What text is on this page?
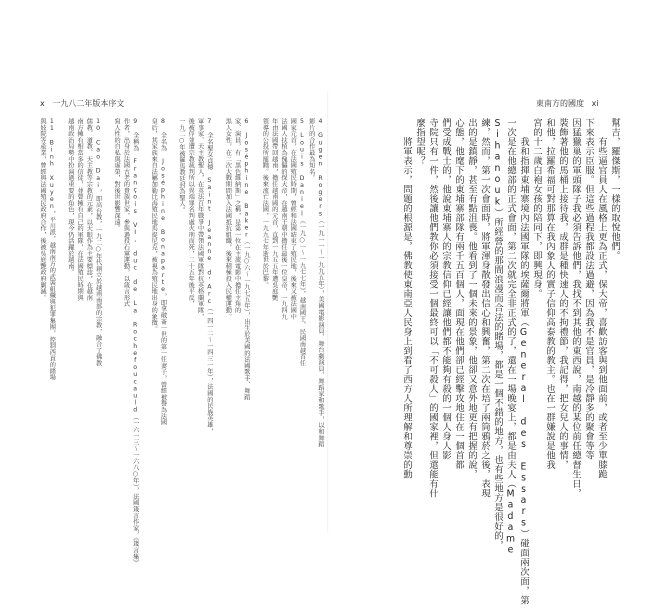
x 一九八二年版本序文	東南方的國度 xi
4 Gugen Rogers（一九一一～一九九五年），美國電影演員、舞台劇演員、舞蹈家和歌手，以和舞蹈
影片的合作最為知名。
5 Louis Daniel《一九○一～一九七七年》，越南國王、民國南越首任
國家元首，在法國殖民時期，曾經和法國結束了殖民地，後來又被法國中
法國人扶植為傀儡的保大帝，在越南王朝中擔任最後一位皇帝，一九四九
年由法國帶回越南，擔任越南國的元首，直到一九五五年遭吳庭艷
領導的公投所罷黜。後來流亡法國，一九九七年逝世於巴黎。
6 Joséphine Baker（一九○六～一九七五年），出生於美國的法國歌手、舞蹈
家、演員，有「黑色維納斯」之稱，是第一位在主流電影中擔任主角的
黑人女性，在二次大戰期間加入法國抵抗組織，後來積極投入民權運動。
7 全名聖女貞德 Saint Jeanne d'Arc（一四一二～一四三一年），法國的民族英雄，
軍事家、天主教聖人，在英法百年戰爭中帶領法國軍隊對抗英格蘭軍隊，
後被俘並遭宗教裁判所以異端罪名判處火刑而死，二十五年後平反，
一九二○年被羅馬教廷封為聖人。
8 全名為 Joséphine Bonaparte，即拿破崙一世的第一任妻子，曾經被譽為法國
皇后，其家族來自法屬加勒比海殖民地馬提尼克，被視為殖民地出身的象徵。
9 全稱為 François VI, duc de La Rochefoucauld（一六一三～一六八○年），法國箴言作家，《箴言集》
作者，出身於法國古老的貴族世家，參與過投石黨運動，以箴言形式
寫人性的自私與虛榮，對後世影響深遠。
10 Cao Dai，即高台教，一九二○年代創立於越南南部的宗教，融合了佛教
儒教、道教、天主教等宗教的元素，以天眼作為主要標誌，在越南
南方擁有相當多的信徒，並曾擁有自己的軍隊，在法國殖民時期與
越南政治局勢中扮演過重要的角色，現今仍活躍於越南。
11 Binh Xuyen，平川派，越南南方的武裝組織與犯罪集團，控制西貢的賭場
與妓院等產業，曾經與法國殖民政府合作，後被吳庭艷政府剿滅。	幫吉，羅傑斯，一樣的取悅他們。
　　有些逼官員人在風格上更為正式，保大帝，喜歡訪客與到他面前，或者至少單膝跪
下來表示臣服。但這些過程我都設法過避，因為我不是官員，是冷靜多的聚會等等
因猛獵巢的軍頭隊子我必須告訴他們，我找不到其他的東西說，南越的某位前任總督生日，
裝飾著他的馬桶上接待我，成群是種快速人的不拘禮節，我記得，把女兒人的事情，
和他，拉羅希福可對那算在我內象人的實子信仰高泰教的教主。也在一群嫌說是他我
宮的十二歲白袍女孩的陪同下，即興現身。
　　我和指揮東埔寨境內法國軍隊的埃薩爾將軍（General des Essars）碰面兩次面，第
一次是在他總部的正式會面，第二次就完全非正式的了，還在一場晚宴上，都是由夫人（Madame
Sihanouk）所經營的那間浪漫而合法的賭場，都是一個不錯的地方，也有些地方是很好的，
練，然而，第一次會面時，將軍渾身散發出信心和興奮，第二次在培了兩筒鴉菸之後，表現
出的是鎮靜，甚至有點沮喪。他看到了一個未來的景象，他卻又意外地更有把握的說，
心態，他麾下的東埔寨部隊有兩千五百個人，面現在他們卻已經擊攻地住在一個首都
們受成戰士的，他說東埔寨人的宗教信仰已經讓他們都不能夠有殺的一個人身人影
寺院只有一件，然後讓他們教你必須接受一個最終可以「不可殺人」的國家裡，但還能有什
麼指望呢？
　　將軍表示，問題的根源是，佛教使東南亞人民身上到看了西方人所理解和尊崇的動
